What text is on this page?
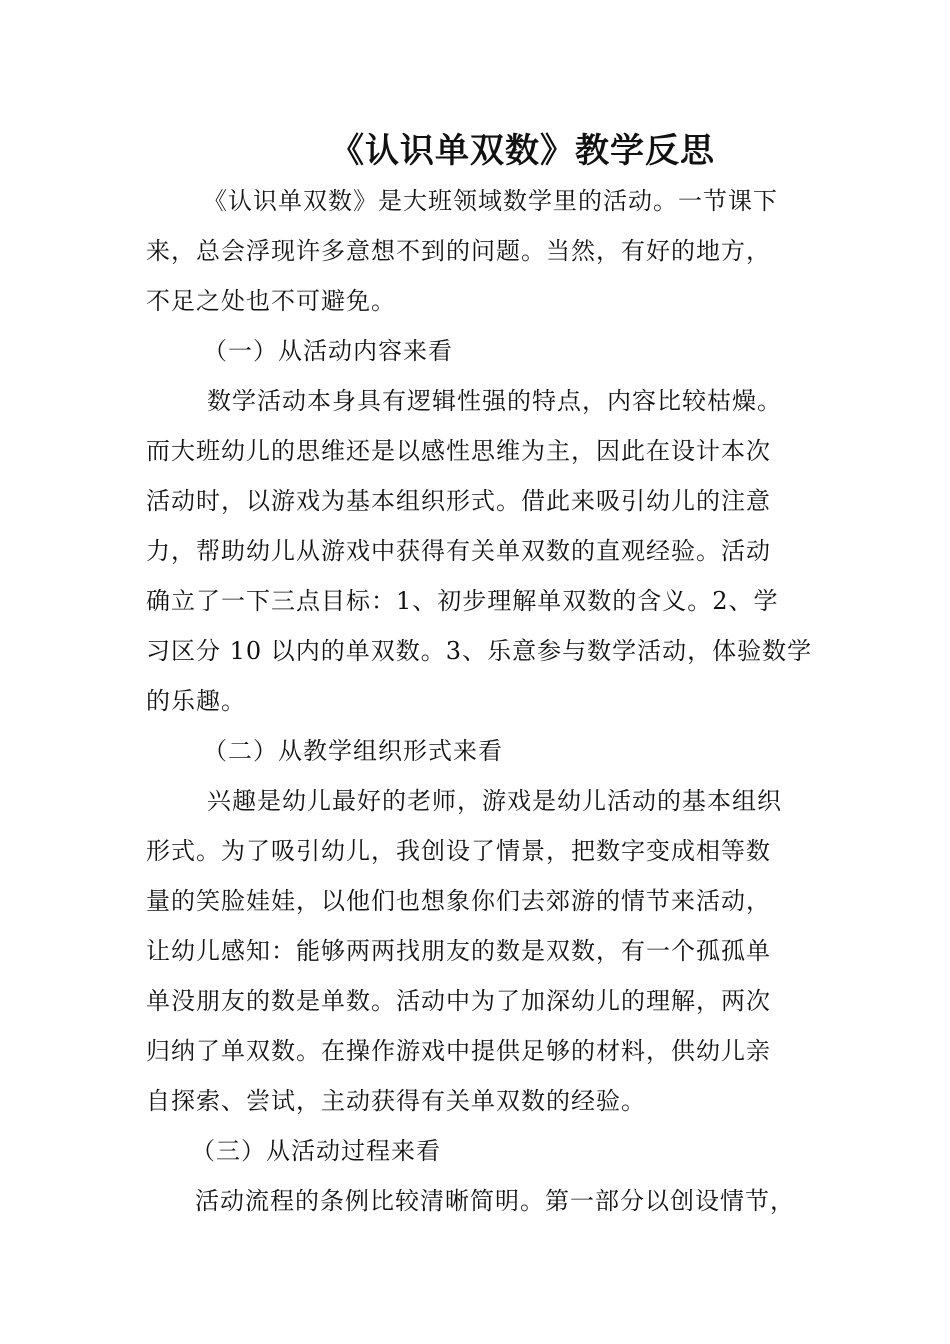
《认识单双数》教学反思
《认识单双数》是大班领域数学里的活动。一节课下
来，总会浮现许多意想不到的问题。当然，有好的地方，
不足之处也不可避免。
（一）从活动内容来看
数学活动本身具有逻辑性强的特点，内容比较枯燥。
而大班幼儿的思维还是以感性思维为主，因此在设计本次
活动时，以游戏为基本组织形式。借此来吸引幼儿的注意
力，帮助幼儿从游戏中获得有关单双数的直观经验。活动
确立了一下三点目标：1、初步理解单双数的含义。2、学
习区分 10 以内的单双数。3、乐意参与数学活动，体验数学
的乐趣。
（二）从教学组织形式来看
兴趣是幼儿最好的老师，游戏是幼儿活动的基本组织
形式。为了吸引幼儿，我创设了情景，把数字变成相等数
量的笑脸娃娃，以他们也想象你们去郊游的情节来活动，
让幼儿感知：能够两两找朋友的数是双数，有一个孤孤单
单没朋友的数是单数。活动中为了加深幼儿的理解，两次
归纳了单双数。在操作游戏中提供足够的材料，供幼儿亲
自探索、尝试，主动获得有关单双数的经验。
（三）从活动过程来看
活动流程的条例比较清晰简明。第一部分以创设情节，
